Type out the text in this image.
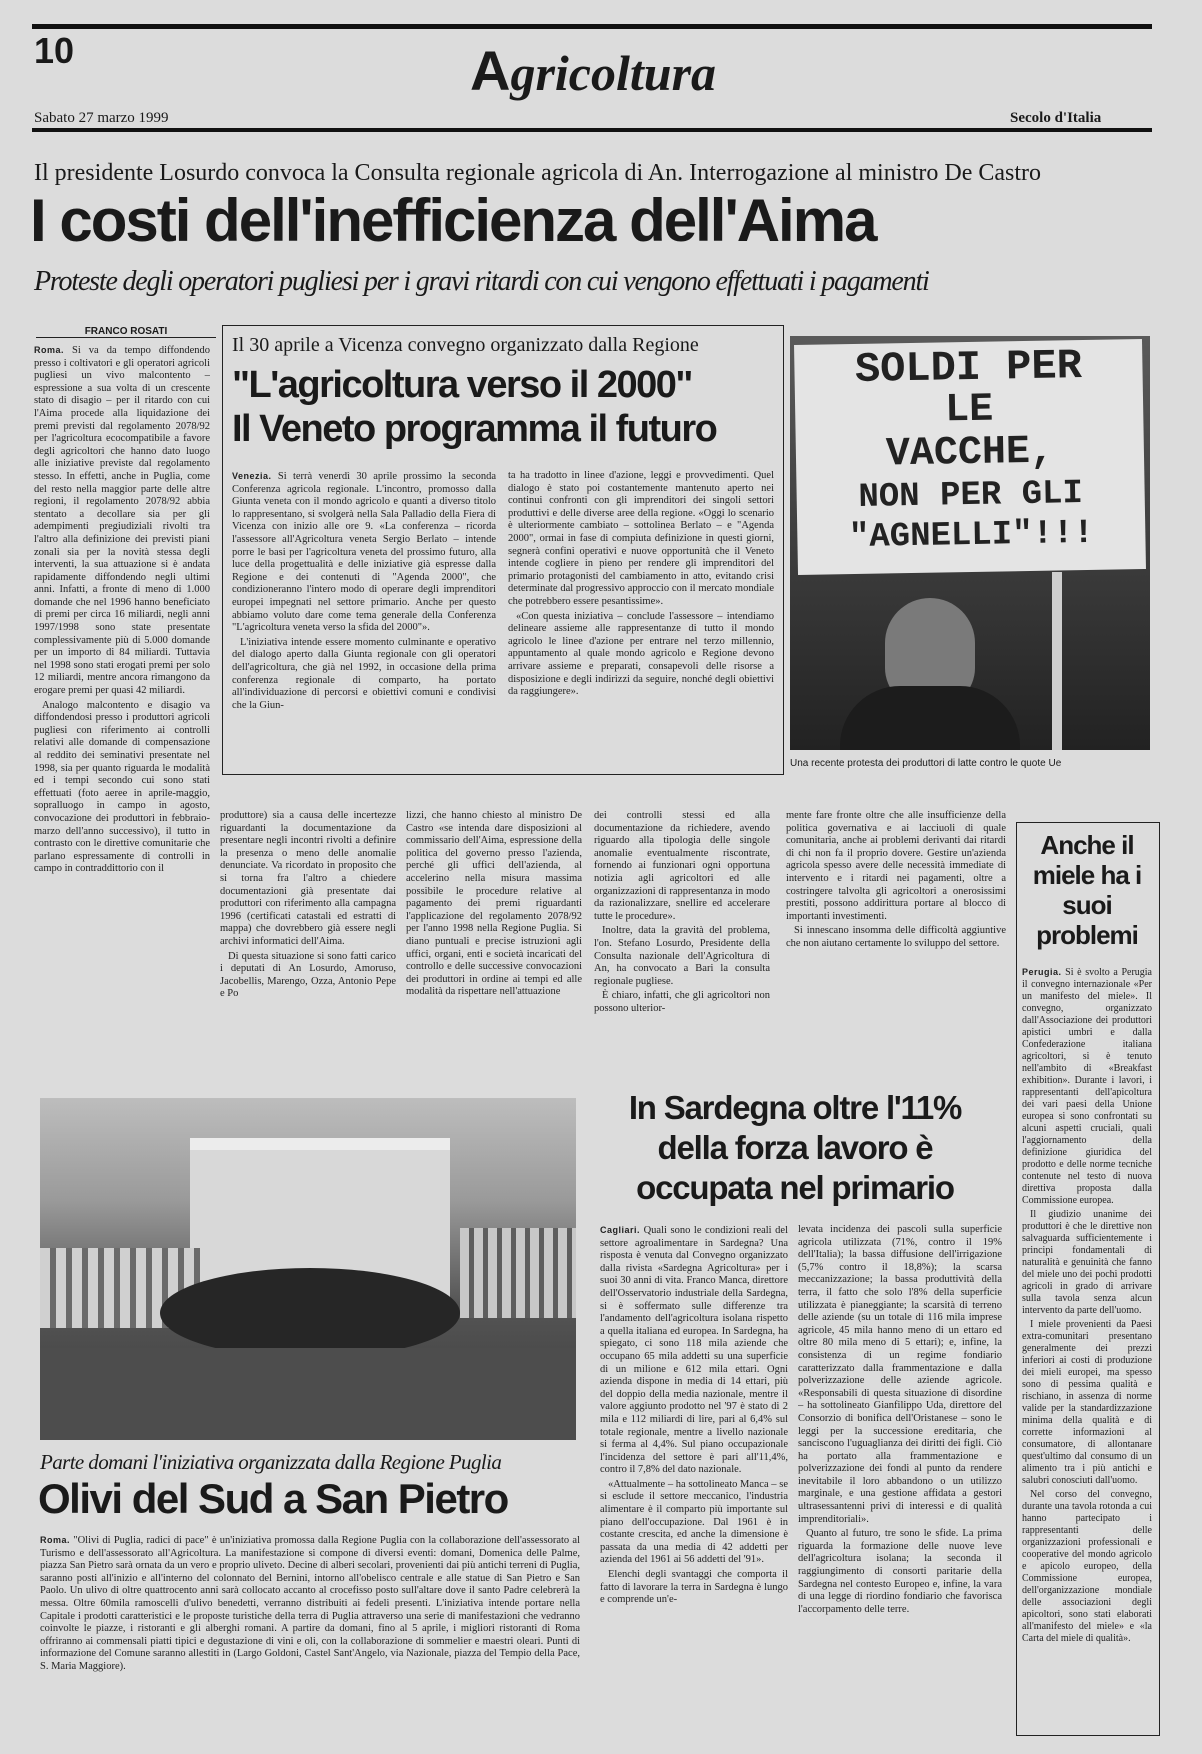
10	Agricoltura
Sabato 27 marzo 1999	Secolo d'Italia
Il presidente Losurdo convoca la Consulta regionale agricola di An. Interrogazione al ministro De Castro
I costi dell'inefficienza dell'Aima
Proteste degli operatori pugliesi per i gravi ritardi con cui vengono effettuati i pagamenti
FRANCO ROSATI

Roma. Si va da tempo diffondendo presso i coltivatori e gli operatori agricoli pugliesi un vivo malcontento – espressione a sua volta di un crescente stato di disagio – per il ritardo con cui l'Aima procede alla liquidazione dei premi previsti dal regolamento 2078/92 per l'agricoltura ecocompatibile a favore degli agricoltori che hanno dato luogo alle iniziative previste dal regolamento stesso. In effetti, anche in Puglia, come del resto nella maggior parte delle altre regioni, il regolamento 2078/92 abbia stentato a decollare sia per gli adempimenti pregiudiziali rivolti tra l'altro alla definizione dei previsti piani zonali sia per la novità stessa degli interventi, la sua attuazione si è andata rapidamente diffondendo negli ultimi anni. Infatti, a fronte di meno di 1.000 domande che nel 1996 hanno beneficiato di premi per circa 16 miliardi, negli anni 1997/1998 sono state presentate complessivamente più di 5.000 domande per un importo di 84 miliardi. Tuttavia nel 1998 sono stati erogati premi per solo 12 miliardi, mentre ancora rimangono da erogare premi per quasi 42 miliardi.

Analogo malcontento e disagio va diffondendosi presso i produttori agricoli pugliesi con riferimento ai controlli relativi alle domande di compensazione al reddito dei seminativi presentate nel 1998, sia per quanto riguarda le modalità ed i tempi secondo cui sono stati effettuati (foto aeree in aprile-maggio, sopralluogo in campo in agosto, convocazione dei produttori in febbraio-marzo dell'anno successivo), il tutto in contrasto con le direttive comunitarie che parlano espressamente di controlli in campo in contraddittorio con il

Il 30 aprile a Vicenza convegno organizzato dalla Regione
"L'agricoltura verso il 2000"
Il Veneto programma il futuro

Venezia. Si terrà venerdì 30 aprile prossimo la seconda Conferenza agricola regionale. L'incontro, promosso dalla Giunta veneta con il mondo agricolo e quanti a diverso titolo lo rappresentano, si svolgerà nella Sala Palladio della Fiera di Vicenza con inizio alle ore 9. «La conferenza – ricorda l'assessore all'Agricoltura veneta Sergio Berlato – intende porre le basi per l'agricoltura veneta del prossimo futuro, alla luce della progettualità e delle iniziative già espresse dalla Regione e dei contenuti di "Agenda 2000", che condizioneranno l'intero modo di operare degli imprenditori europei impegnati nel settore primario. Anche per questo abbiamo voluto dare come tema generale della Conferenza "L'agricoltura veneta verso la sfida del 2000"».

L'iniziativa intende essere momento culminante e operativo del dialogo aperto dalla Giunta regionale con gli operatori dell'agricoltura, che già nel 1992, in occasione della prima conferenza regionale di comparto, ha portato all'individuazione di percorsi e obiettivi comuni e condivisi che la Giun-

ta ha tradotto in linee d'azione, leggi e provvedimenti. Quel dialogo è stato poi costantemente mantenuto aperto nei continui confronti con gli imprenditori dei singoli settori produttivi e delle diverse aree della regione. «Oggi lo scenario è ulteriormente cambiato – sottolinea Berlato – e "Agenda 2000", ormai in fase di compiuta definizione in questi giorni, segnerà confini operativi e nuove opportunità che il Veneto intende cogliere in pieno per rendere gli imprenditori del primario protagonisti del cambiamento in atto, evitando crisi determinate dal progressivo approccio con il mercato mondiale che potrebbero essere pesantissime».

«Con questa iniziativa – conclude l'assessore – intendiamo delineare assieme alle rappresentanze di tutto il mondo agricolo le linee d'azione per entrare nel terzo millennio, appuntamento al quale mondo agricolo e Regione devono arrivare assieme e preparati, consapevoli delle risorse a disposizione e degli indirizzi da seguire, nonché degli obiettivi da raggiungere».

SOLDI PER
LE
VACCHE,
NON PER GLI
"AGNELLI"!!!
Una recente protesta dei produttori di latte contro le quote Ue

produttore) sia a causa delle incertezze riguardanti la documentazione da presentare negli incontri rivolti a definire la presenza o meno delle anomalie denunciate. Va ricordato in proposito che si torna fra l'altro a chiedere documentazioni già presentate dai produttori con riferimento alla campagna 1996 (certificati catastali ed estratti di mappa) che dovrebbero già essere negli archivi informatici dell'Aima.

Di questa situazione si sono fatti carico i deputati di An Losurdo, Amoruso, Jacobellis, Marengo, Ozza, Antonio Pepe e Po

lizzi, che hanno chiesto al ministro De Castro «se intenda dare disposizioni al commissario dell'Aima, espressione della politica del governo presso l'azienda, perché gli uffici dell'azienda, al accelerino nella misura massima possibile le procedure relative al pagamento dei premi riguardanti l'applicazione del regolamento 2078/92 per l'anno 1998 nella Regione Puglia. Si diano puntuali e precise istruzioni agli uffici, organi, enti e società incaricati del controllo e delle successive convocazioni dei produttori in ordine ai tempi ed alle modalità da rispettare nell'attuazione

dei controlli stessi ed alla documentazione da richiedere, avendo riguardo alla tipologia delle singole anomalie eventualmente riscontrate, fornendo ai funzionari ogni opportuna notizia agli agricoltori ed alle organizzazioni di rappresentanza in modo da razionalizzare, snellire ed accelerare tutte le procedure».

Inoltre, data la gravità del problema, l'on. Stefano Losurdo, Presidente della Consulta nazionale dell'Agricoltura di An, ha convocato a Bari la consulta regionale pugliese.

È chiaro, infatti, che gli agricoltori non possono ulterior-

mente fare fronte oltre che alle insufficienze della politica governativa e ai lacciuoli di quale comunitaria, anche ai problemi derivanti dai ritardi di chi non fa il proprio dovere. Gestire un'azienda agricola spesso avere delle necessità immediate di intervento e i ritardi nei pagamenti, oltre a costringere talvolta gli agricoltori a onerosissimi prestiti, possono addirittura portare al blocco di importanti investimenti.

Si innescano insomma delle difficoltà aggiuntive che non aiutano certamente lo sviluppo del settore.

Anche il miele ha i suoi problemi

Perugia. Si è svolto a Perugia il convegno internazionale «Per un manifesto del miele». Il convegno, organizzato dall'Associazione dei produttori apistici umbri e dalla Confederazione italiana agricoltori, si è tenuto nell'ambito di «Breakfast exhibition». Durante i lavori, i rappresentanti dell'apicoltura dei vari paesi della Unione europea si sono confrontati su alcuni aspetti cruciali, quali l'aggiornamento della definizione giuridica del prodotto e delle norme tecniche contenute nel testo di nuova direttiva proposta dalla Commissione europea.

Il giudizio unanime dei produttori è che le direttive non salvaguarda sufficientemente i principi fondamentali di naturalità e genuinità che fanno del miele uno dei pochi prodotti agricoli in grado di arrivare sulla tavola senza alcun intervento da parte dell'uomo.

I miele provenienti da Paesi extra-comunitari presentano generalmente dei prezzi inferiori ai costi di produzione dei mieli europei, ma spesso sono di pessima qualità e rischiano, in assenza di norme valide per la standardizzazione minima della qualità e di corrette informazioni al consumatore, di allontanare quest'ultimo dal consumo di un alimento tra i più antichi e salubri conosciuti dall'uomo.

Nel corso del convegno, durante una tavola rotonda a cui hanno partecipato i rappresentanti delle organizzazioni professionali e cooperative del mondo agricolo e apicolo europeo, della Commissione europea, dell'organizzazione mondiale delle associazioni degli apicoltori, sono stati elaborati all'manifesto del miele» e «la Carta del miele di qualità».

In Sardegna oltre l'11% della forza lavoro è occupata nel primario

Cagliari. Quali sono le condizioni reali del settore agroalimentare in Sardegna? Una risposta è venuta dal Convegno organizzato dalla rivista «Sardegna Agricoltura» per i suoi 30 anni di vita. Franco Manca, direttore dell'Osservatorio industriale della Sardegna, si è soffermato sulle differenze tra l'andamento dell'agricoltura isolana rispetto a quella italiana ed europea. In Sardegna, ha spiegato, ci sono 118 mila aziende che occupano 65 mila addetti su una superficie di un milione e 612 mila ettari. Ogni azienda dispone in media di 14 ettari, più del doppio della media nazionale, mentre il valore aggiunto prodotto nel '97 è stato di 2 mila e 112 miliardi di lire, pari al 6,4% sul totale regionale, mentre a livello nazionale si ferma al 4,4%. Sul piano occupazionale l'incidenza del settore è pari all'11,4%, contro il 7,8% del dato nazionale.

«Attualmente – ha sottolineato Manca – se si esclude il settore meccanico, l'industria alimentare è il comparto più importante sul piano dell'occupazione. Dal 1961 è in costante crescita, ed anche la dimensione è passata da una media di 42 addetti per azienda del 1961 ai 56 addetti del '91».

Elenchi degli svantaggi che comporta il fatto di lavorare la terra in Sardegna è lungo e comprende un'e-

levata incidenza dei pascoli sulla superficie agricola utilizzata (71%, contro il 19% dell'Italia); la bassa diffusione dell'irrigazione (5,7% contro il 18,8%); la scarsa meccanizzazione; la bassa produttività della terra, il fatto che solo l'8% della superficie utilizzata è pianeggiante; la scarsità di terreno delle aziende (su un totale di 116 mila imprese agricole, 45 mila hanno meno di un ettaro ed oltre 80 mila meno di 5 ettari); e, infine, la consistenza di un regime fondiario caratterizzato dalla frammentazione e dalla polverizzazione delle aziende agricole. «Responsabili di questa situazione di disordine – ha sottolineato Gianfilippo Uda, direttore del Consorzio di bonifica dell'Oristanese – sono le leggi per la successione ereditaria, che sanciscono l'uguaglianza dei diritti dei figli. Ciò ha portato alla frammentazione e polverizzazione dei fondi al punto da rendere inevitabile il loro abbandono o un utilizzo marginale, e una gestione affidata a gestori ultrasessantenni privi di interessi e di qualità imprenditoriali».

Quanto al futuro, tre sono le sfide. La prima riguarda la formazione delle nuove leve dell'agricoltura isolana; la seconda il raggiungimento di consorti paritarie della Sardegna nel contesto Europeo e, infine, la vara di una legge di riordino fondiario che favorisca l'accorpamento delle terre.

Parte domani l'iniziativa organizzata dalla Regione Puglia
Olivi del Sud a San Pietro

Roma. "Olivi di Puglia, radici di pace" è un'iniziativa promossa dalla Regione Puglia con la collaborazione dell'assessorato al Turismo e dell'assessorato all'Agricoltura. La manifestazione si compone di diversi eventi: domani, Domenica delle Palme, piazza San Pietro sarà ornata da un vero e proprio uliveto. Decine di alberi secolari, provenienti dai più antichi terreni di Puglia, saranno posti all'inizio e all'interno del colonnato del Bernini, intorno all'obelisco centrale e alle statue di San Pietro e San Paolo. Un ulivo di oltre quattrocento anni sarà collocato accanto al crocefisso posto sull'altare dove il santo Padre celebrerà la messa. Oltre 60mila ramoscelli d'ulivo benedetti, verranno distribuiti ai fedeli presenti. L'iniziativa intende portare nella Capitale i prodotti caratteristici e le proposte turistiche della terra di Puglia attraverso una serie di manifestazioni che vedranno coinvolte le piazze, i ristoranti e gli alberghi romani. A partire da domani, fino al 5 aprile, i migliori ristoranti di Roma offriranno ai commensali piatti tipici e degustazione di vini e oli, con la collaborazione di sommelier e maestri oleari. Punti di informazione del Comune saranno allestiti in (Largo Goldoni, Castel Sant'Angelo, via Nazionale, piazza del Tempio della Pace, S. Maria Maggiore).
